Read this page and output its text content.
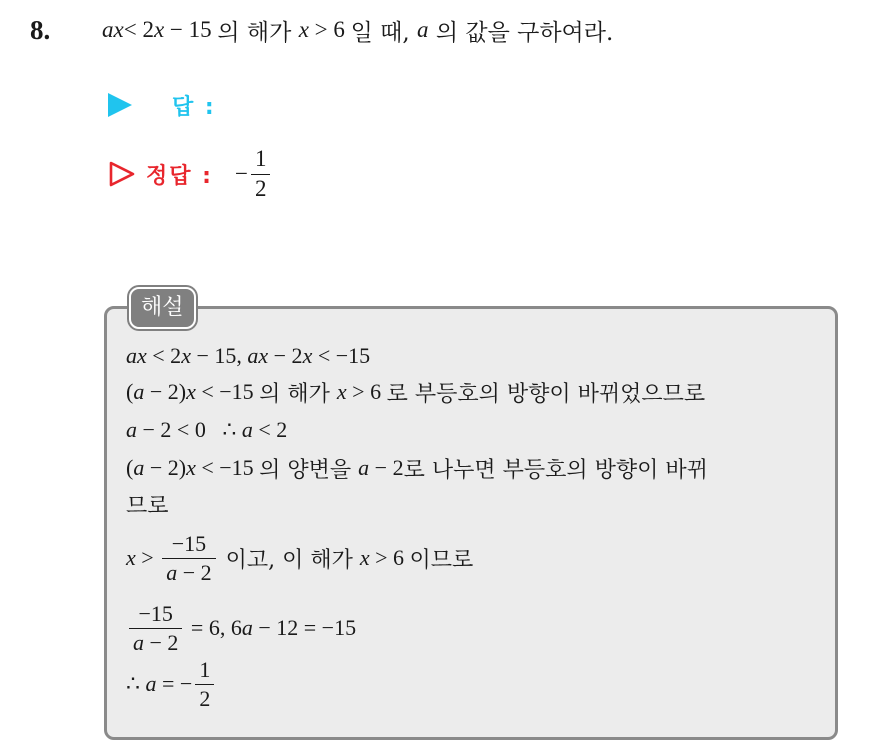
8.	ax < 2 x − 15 의 해가 x > 6 일 때, a 의 값을 구하여라.
답 :
정답 : − $\frac{1}{2}$
해설
ax < 2 x − 15, ax − 2 x < −15
( a − 2) x < −15 의 해가 x > 6 로 부등호의 방향이 바뀌었으므로
a − 2 < 0   ∴ a < 2
( a − 2) x < −15 의 양변을 a − 2 로 나누면 부등호의 방향이 바뀌
므로
$x > \frac{-15}{a - 2}$ 이고, 이 해가 x > 6 이므로
$\frac{-15}{a - 2} = 6$, 6 a − 12 = −15
∴ a = − $\frac{1}{2}$
